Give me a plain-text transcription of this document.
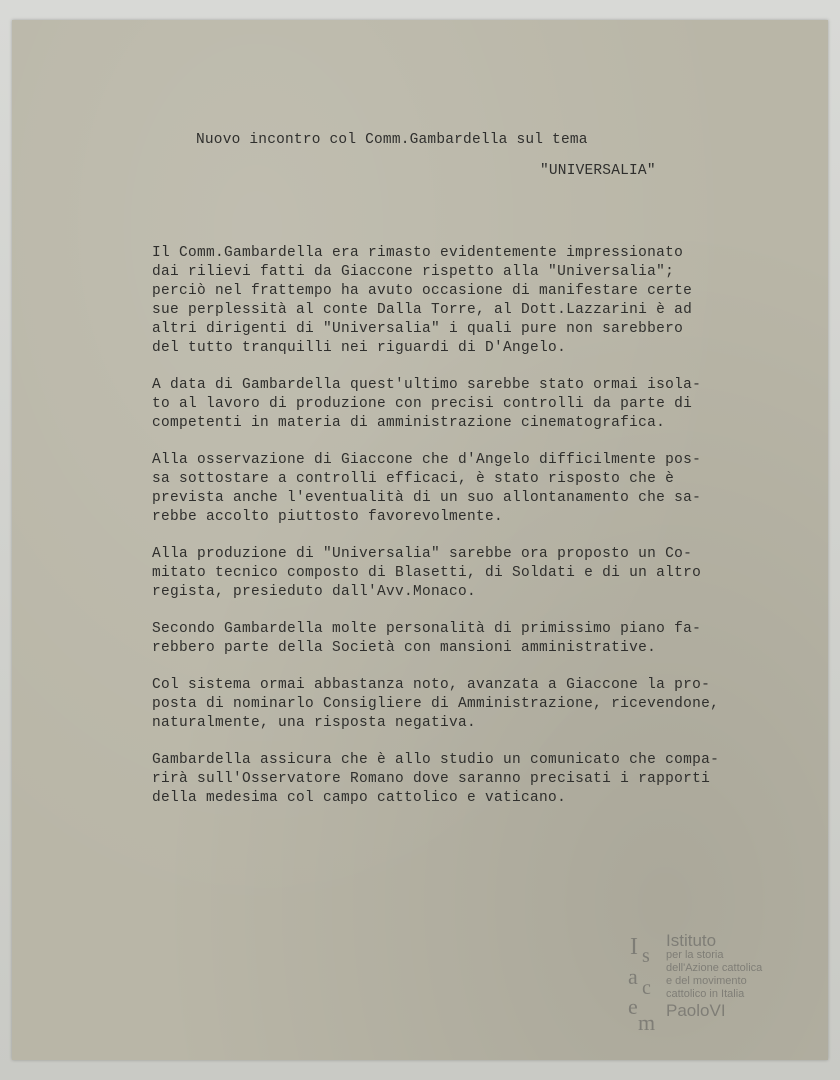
Nuovo incontro col Comm.Gambardella sul tema
"UNIVERSALIA"
Il Comm.Gambardella era rimasto evidentemente impressionato
dai rilievi fatti da Giaccone rispetto alla "Universalia";
perciò nel frattempo ha avuto occasione di manifestare certe
sue perplessità al conte Dalla Torre, al Dott.Lazzarini è ad
altri dirigenti di "Universalia" i quali pure non sarebbero
del tutto tranquilli nei riguardi di D'Angelo.
A data di Gambardella quest'ultimo sarebbe stato ormai isola-
to al lavoro di produzione con precisi controlli da parte di
competenti in materia di amministrazione cinematografica.
Alla osservazione di Giaccone che d'Angelo difficilmente pos-
sa sottostare a controlli efficaci, è stato risposto che è
prevista anche l'eventualità di un suo allontanamento che sa-
rebbe accolto piuttosto favorevolmente.
Alla produzione di "Universalia" sarebbe ora proposto un Co-
mitato tecnico composto di Blasetti, di Soldati e di un altro
regista, presieduto dall'Avv.Monaco.
Secondo Gambardella molte personalità di primissimo piano fa-
rebbero parte della Società con mansioni amministrative.
Col sistema ormai abbastanza noto, avanzata a Giaccone la pro-
posta di nominarlo Consigliere di Amministrazione, ricevendone,
naturalmente, una risposta negativa.
Gambardella assicura che è allo studio un comunicato che compa-
rirà sull'Osservatore Romano dove saranno precisati i rapporti
della medesima col campo cattolico e vaticano.
I s
a c
e
m
Istituto
per la storia
dell'Azione cattolica
e del movimento
cattolico in Italia
PaoloVI
